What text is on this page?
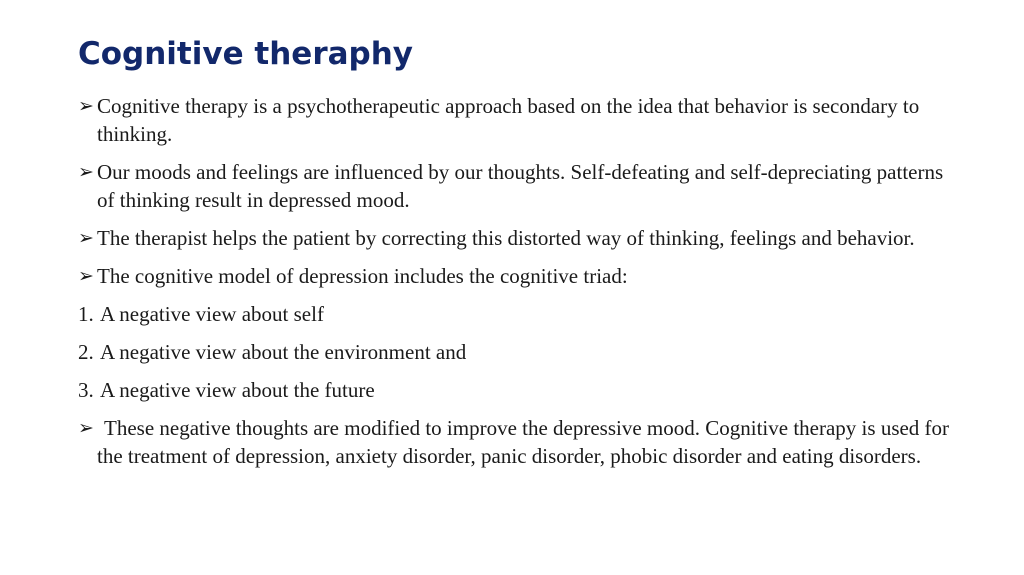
Cognitive theraphy

➢ Cognitive therapy is a psychotherapeutic approach based on the idea that behavior is secondary to thinking.

➢ Our moods and feelings are influenced by our thoughts. Self-defeating and self-depreciating patterns of thinking result in depressed mood.

➢ The therapist helps the patient by correcting this distorted way of thinking, feelings and behavior.

➢ The cognitive model of depression includes the cognitive triad:

1. A negative view about self

2. A negative view about the environment and

3. A negative view about the future

➢ These negative thoughts are modified to improve the depressive mood. Cognitive therapy is used for the treatment of depression, anxiety disorder, panic disorder, phobic disorder and eating disorders.
